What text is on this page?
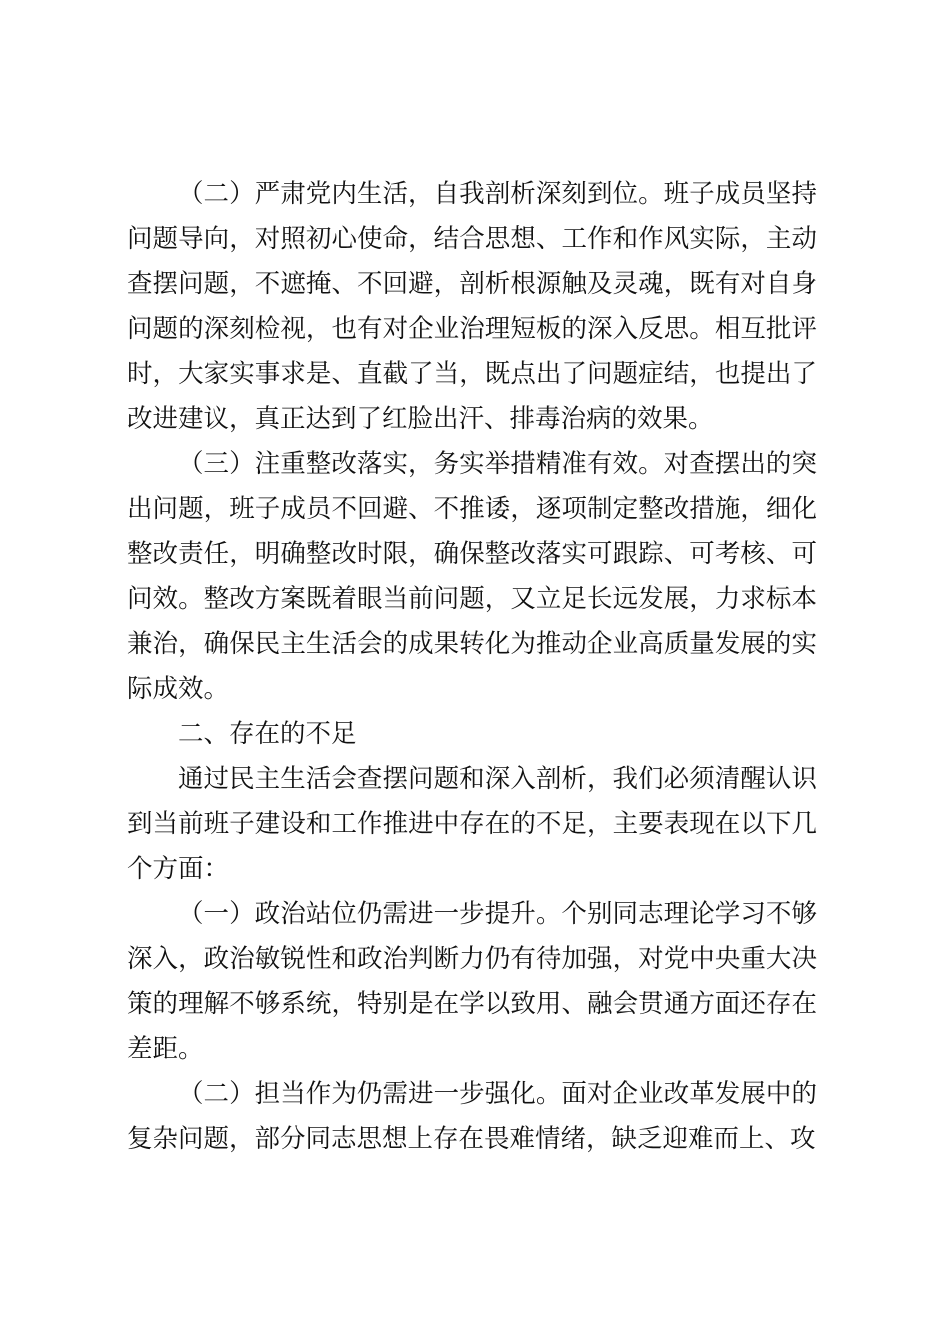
（二）严肃党内生活，自我剖析深刻到位。班子成员坚持问题导向，对照初心使命，结合思想、工作和作风实际，主动查摆问题，不遮掩、不回避，剖析根源触及灵魂，既有对自身问题的深刻检视，也有对企业治理短板的深入反思。相互批评时，大家实事求是、直截了当，既点出了问题症结，也提出了改进建议，真正达到了红脸出汗、排毒治病的效果。

（三）注重整改落实，务实举措精准有效。对查摆出的突出问题，班子成员不回避、不推诿，逐项制定整改措施，细化整改责任，明确整改时限，确保整改落实可跟踪、可考核、可问效。整改方案既着眼当前问题，又立足长远发展，力求标本兼治，确保民主生活会的成果转化为推动企业高质量发展的实际成效。

二、存在的不足

通过民主生活会查摆问题和深入剖析，我们必须清醒认识到当前班子建设和工作推进中存在的不足，主要表现在以下几个方面：

（一）政治站位仍需进一步提升。个别同志理论学习不够深入，政治敏锐性和政治判断力仍有待加强，对党中央重大决策的理解不够系统，特别是在学以致用、融会贯通方面还存在差距。

（二）担当作为仍需进一步强化。面对企业改革发展中的复杂问题，部分同志思想上存在畏难情绪，缺乏迎难而上、攻
